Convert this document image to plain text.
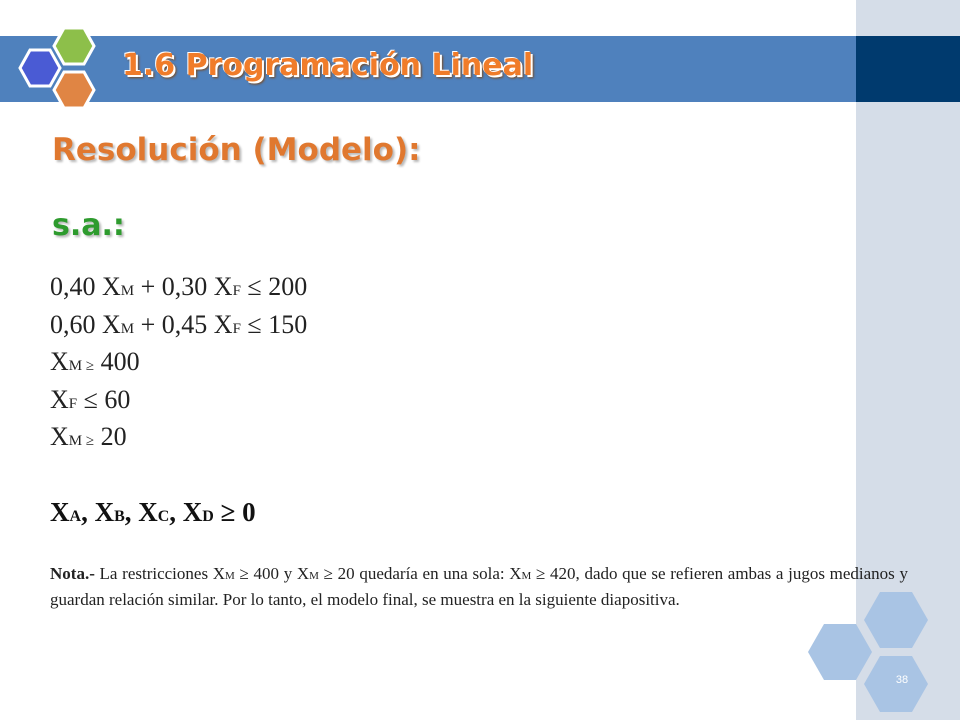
1.6 Programación Lineal
Resolución (Modelo):
s.a.:
0,40 XM + 0,30 XF ≤ 200
0,60 XM + 0,45 XF ≤ 150
XM ≥ 400
XF ≤ 60
XM ≥ 20
XA, XB, XC, XD ≥ 0
Nota.- La restricciones XM ≥ 400 y XM ≥ 20 quedaría en una sola: XM ≥ 420, dado que se refieren ambas a jugos medianos y guardan relación similar. Por lo tanto, el modelo final, se muestra en la siguiente diapositiva.
38
